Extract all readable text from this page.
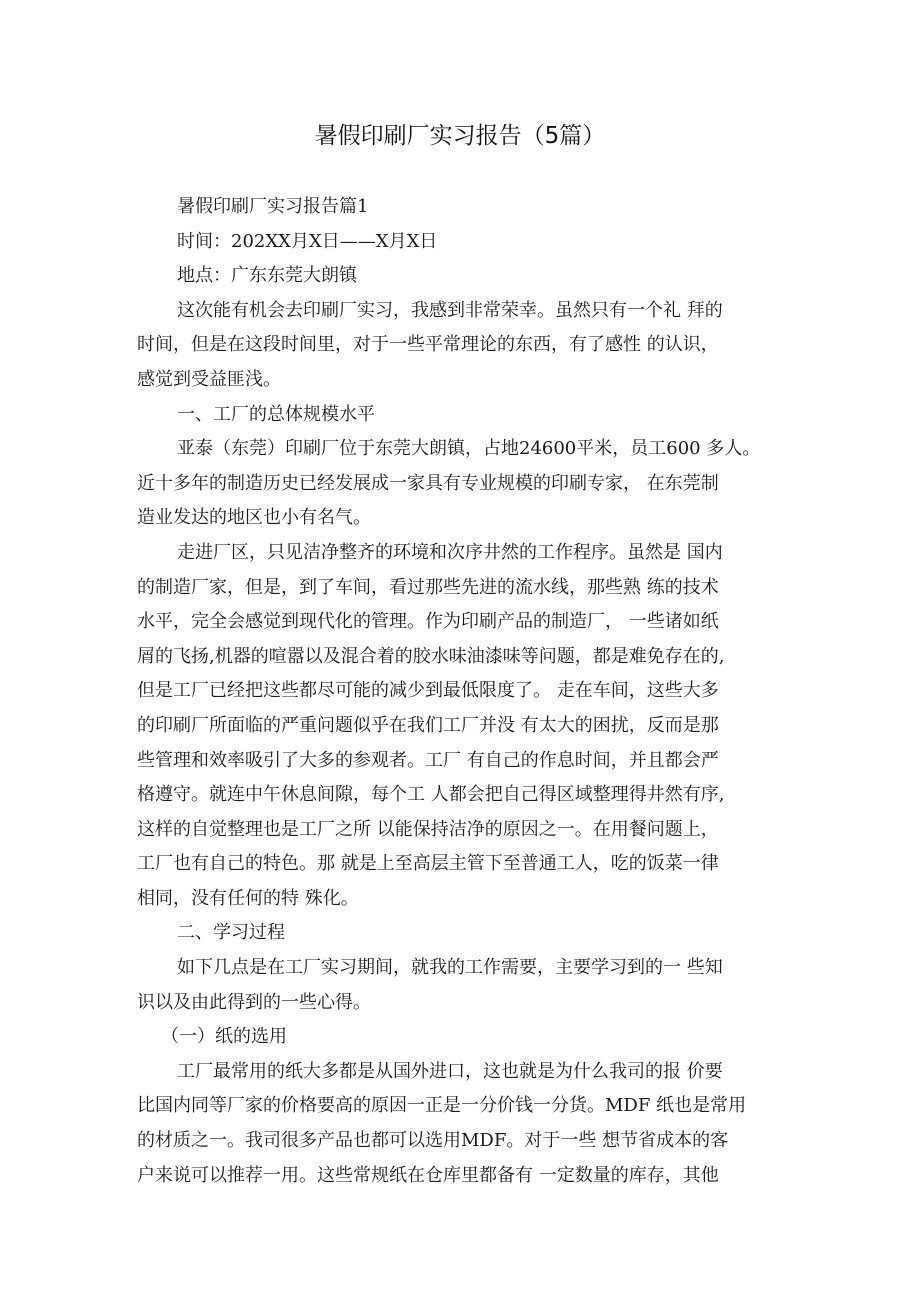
暑假印刷厂实习报告（5篇）
暑假印刷厂实习报告篇1
时间：202XX月X日——X月X日
地点：广东东莞大朗镇
这次能有机会去印刷厂实习，我感到非常荣幸。虽然只有一个礼 拜的
时间，但是在这段时间里，对于一些平常理论的东西，有了感性 的认识，
感觉到受益匪浅。
一、工厂的总体规模水平
亚泰（东莞）印刷厂位于东莞大朗镇，占地24600平米，员工600 多人。
近十多年的制造历史已经发展成一家具有专业规模的印刷专家， 在东莞制
造业发达的地区也小有名气。
走进厂区，只见洁净整齐的环境和次序井然的工作程序。虽然是 国内
的制造厂家，但是，到了车间，看过那些先进的流水线，那些熟 练的技术
水平，完全会感觉到现代化的管理。作为印刷产品的制造厂， 一些诸如纸
屑的飞扬,机器的喧嚣以及混合着的胶水味油漆味等问题，都是难免存在的,
但是工厂已经把这些都尽可能的减少到最低限度了。 走在车间，这些大多
的印刷厂所面临的严重问题似乎在我们工厂并没 有太大的困扰，反而是那
些管理和效率吸引了大多的参观者。工厂 有自己的作息时间，并且都会严
格遵守。就连中午休息间隙，每个工 人都会把自己得区域整理得井然有序,
这样的自觉整理也是工厂之所 以能保持洁净的原因之一。在用餐问题上，
工厂也有自己的特色。那 就是上至高层主管下至普通工人，吃的饭菜一律
相同，没有任何的特 殊化。
二、学习过程
如下几点是在工厂实习期间，就我的工作需要，主要学习到的一 些知
识以及由此得到的一些心得。
（一）纸的选用
工厂最常用的纸大多都是从国外进口，这也就是为什么我司的报 价要
比国内同等厂家的价格要高的原因一正是一分价钱一分货。MDF 纸也是常用
的材质之一。我司很多产品也都可以选用MDF。对于一些 想节省成本的客
户来说可以推荐一用。这些常规纸在仓库里都备有 一定数量的库存，其他
